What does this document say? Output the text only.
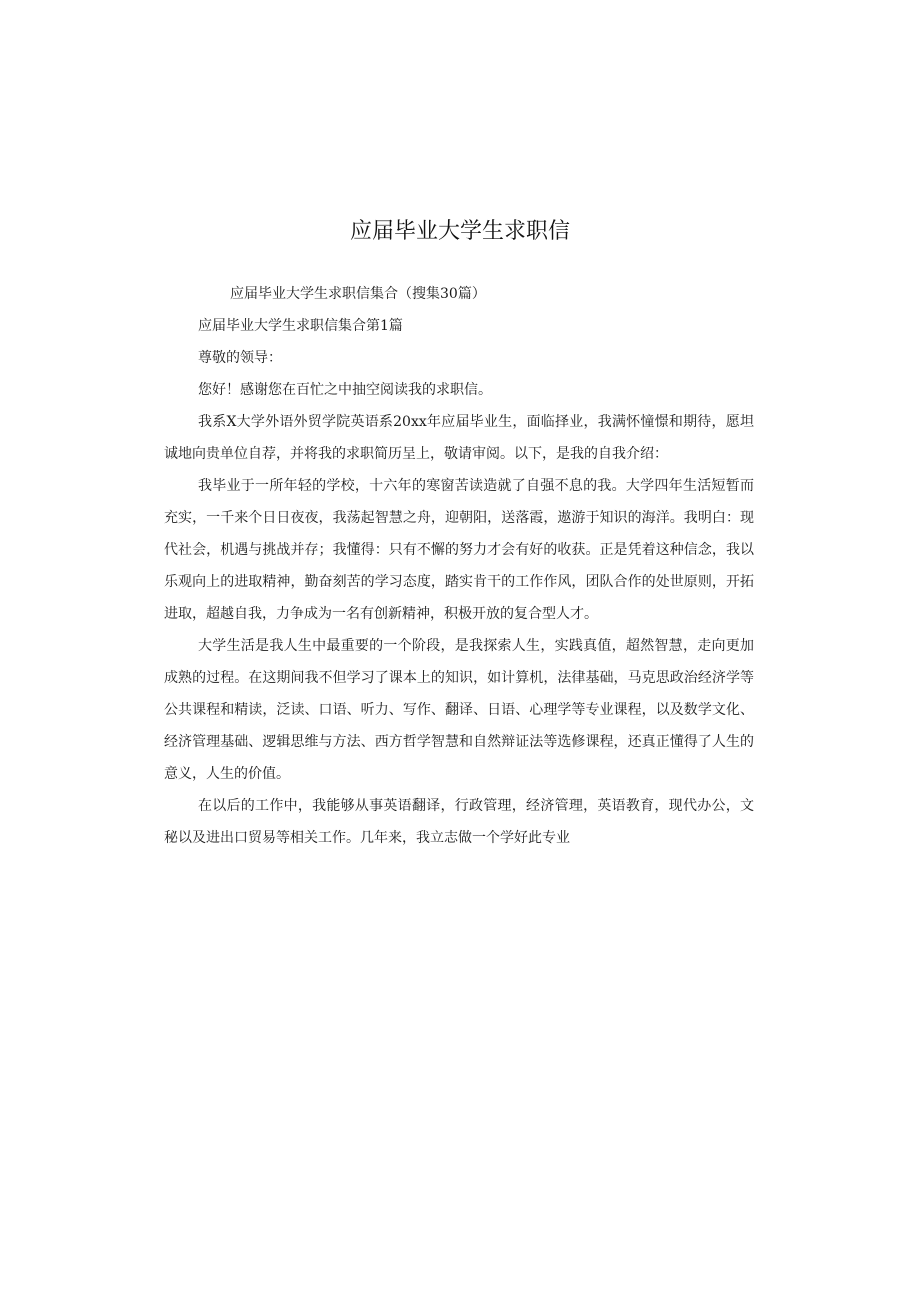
应届毕业大学生求职信

应届毕业大学生求职信集合（搜集30篇）

应届毕业大学生求职信集合第1篇

尊敬的领导：

您好！感谢您在百忙之中抽空阅读我的求职信。

我系X大学外语外贸学院英语系20xx年应届毕业生，面临择业，我满怀憧憬和期待，愿坦诚地向贵单位自荐，并将我的求职简历呈上，敬请审阅。以下，是我的自我介绍：

我毕业于一所年轻的学校，十六年的寒窗苦读造就了自强不息的我。大学四年生活短暂而充实，一千来个日日夜夜，我荡起智慧之舟，迎朝阳，送落霞，遨游于知识的海洋。我明白：现代社会，机遇与挑战并存；我懂得：只有不懈的努力才会有好的收获。正是凭着这种信念，我以乐观向上的进取精神，勤奋刻苦的学习态度，踏实肯干的工作作风，团队合作的处世原则，开拓进取，超越自我，力争成为一名有创新精神，积极开放的复合型人才。

大学生活是我人生中最重要的一个阶段，是我探索人生，实践真值，超然智慧，走向更加成熟的过程。在这期间我不但学习了课本上的知识，如计算机，法律基础，马克思政治经济学等公共课程和精读，泛读、口语、听力、写作、翻译、日语、心理学等专业课程，以及数学文化、经济管理基础、逻辑思维与方法、西方哲学智慧和自然辩证法等选修课程，还真正懂得了人生的意义，人生的价值。

在以后的工作中，我能够从事英语翻译，行政管理，经济管理，英语教育，现代办公，文秘以及进出口贸易等相关工作。几年来，我立志做一个学好此专业
